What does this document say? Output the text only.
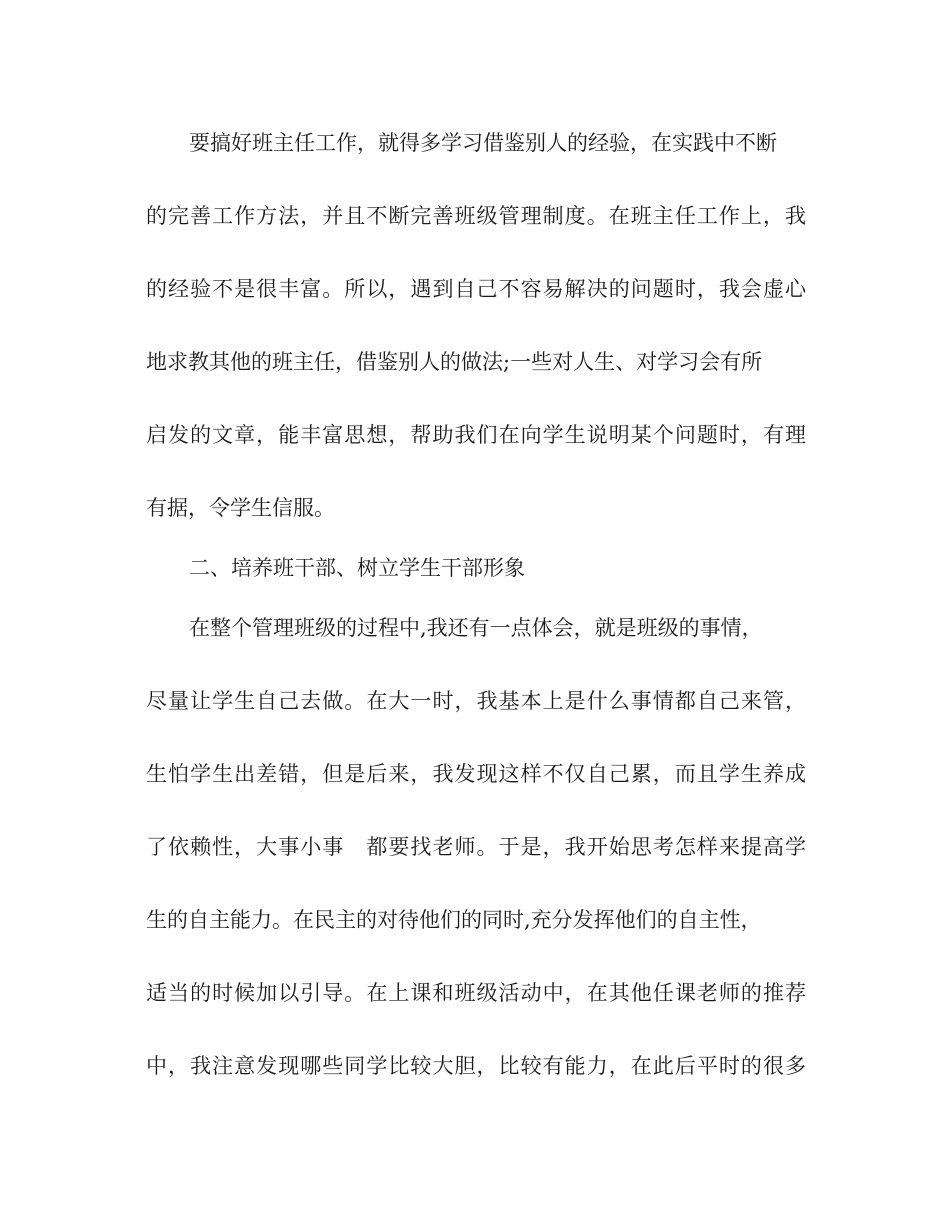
要搞好班主任工作，就得多学习借鉴别人的经验，在实践中不断
的完善工作方法，并且不断完善班级管理制度。在班主任工作上，我
的经验不是很丰富。所以，遇到自己不容易解决的问题时，我会虚心
地求教其他的班主任，借鉴别人的做法;一些对人生、对学习会有所
启发的文章，能丰富思想，帮助我们在向学生说明某个问题时，有理
有据，令学生信服。
二、培养班干部、树立学生干部形象
在整个管理班级的过程中,我还有一点体会，就是班级的事情，
尽量让学生自己去做。在大一时，我基本上是什么事情都自己来管，
生怕学生出差错，但是后来，我发现这样不仅自己累，而且学生养成
了依赖性，大事小事　都要找老师。于是，我开始思考怎样来提高学
生的自主能力。在民主的对待他们的同时,充分发挥他们的自主性，
适当的时候加以引导。在上课和班级活动中，在其他任课老师的推荐
中，我注意发现哪些同学比较大胆，比较有能力，在此后平时的很多
